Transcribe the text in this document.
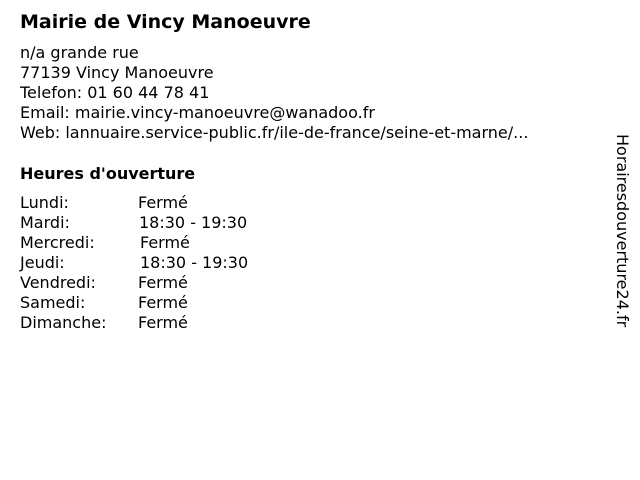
Mairie de Vincy Manoeuvre
n/a grande rue
77139 Vincy Manoeuvre
Telefon: 01 60 44 78 41
Email: mairie.vincy-manoeuvre@wanadoo.fr
Web: lannuaire.service-public.fr/ile-de-france/seine-et-marne/...
Heures d'ouverture
Lundi:	Fermé
Mardi:	18:30 - 19:30
Mercredi:	Fermé
Jeudi:	18:30 - 19:30
Vendredi:	Fermé
Samedi:	Fermé
Dimanche: Fermé	Horairesdouverture24.fr
